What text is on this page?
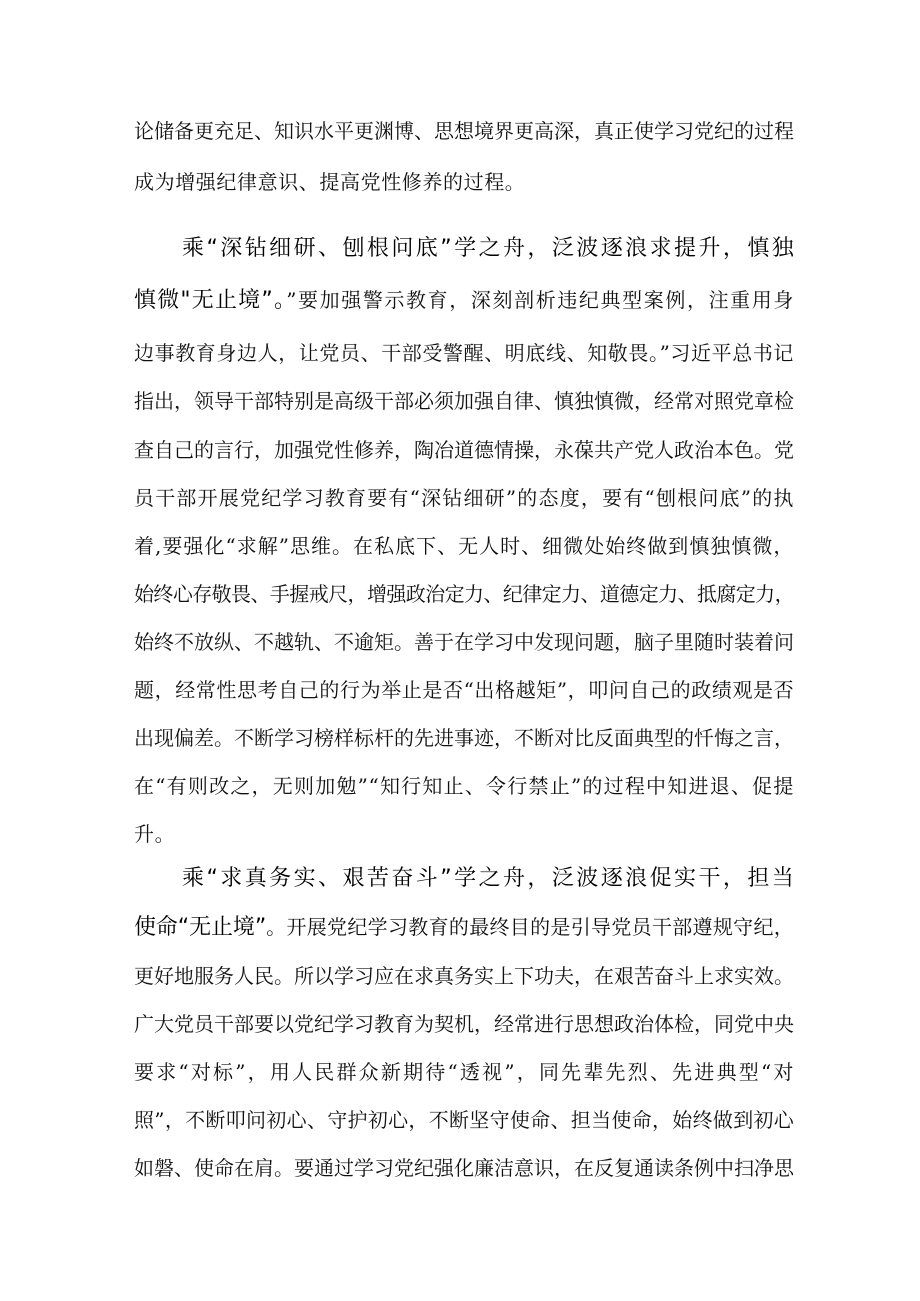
论储备更充足、知识水平更渊博、思想境界更高深，真正使学习党纪的过程
成为增强纪律意识、提高党性修养的过程。
乘“深钻细研、刨根问底”学之舟，泛波逐浪求提升，慎独
慎微"无止境”。”要加强警示教育，深刻剖析违纪典型案例，注重用身
边事教育身边人，让党员、干部受警醒、明底线、知敬畏。”习近平总书记
指出，领导干部特别是高级干部必须加强自律、慎独慎微，经常对照党章检
查自己的言行，加强党性修养，陶冶道德情操，永葆共产党人政治本色。党
员干部开展党纪学习教育要有“深钻细研”的态度，要有“刨根问底”的执
着,要强化“求解”思维。在私底下、无人时、细微处始终做到慎独慎微，
始终心存敬畏、手握戒尺，增强政治定力、纪律定力、道德定力、抵腐定力，
始终不放纵、不越轨、不逾矩。善于在学习中发现问题，脑子里随时装着问
题，经常性思考自己的行为举止是否“出格越矩”，叩问自己的政绩观是否
出现偏差。不断学习榜样标杆的先进事迹，不断对比反面典型的忏悔之言，
在“有则改之，无则加勉”“知行知止、令行禁止”的过程中知进退、促提
升。
乘“求真务实、艰苦奋斗”学之舟，泛波逐浪促实干，担当
使命“无止境”。开展党纪学习教育的最终目的是引导党员干部遵规守纪，
更好地服务人民。所以学习应在求真务实上下功夫，在艰苦奋斗上求实效。
广大党员干部要以党纪学习教育为契机，经常进行思想政治体检，同党中央
要求“对标”，用人民群众新期待“透视”，同先辈先烈、先进典型“对
照”，不断叩问初心、守护初心，不断坚守使命、担当使命，始终做到初心
如磐、使命在肩。要通过学习党纪强化廉洁意识，在反复通读条例中扫净思
